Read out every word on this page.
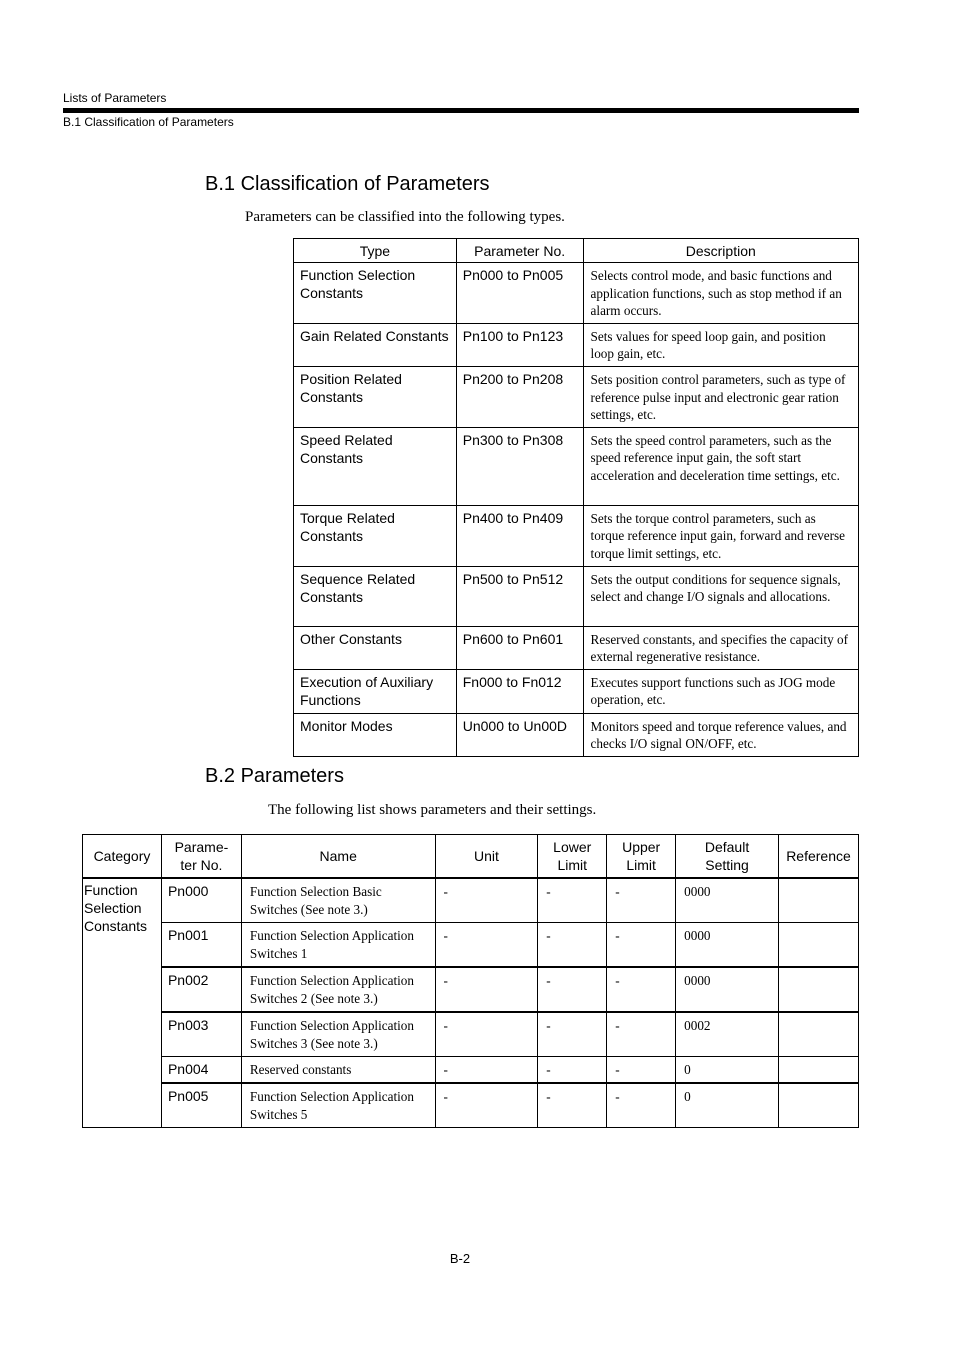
Lists of Parameters
B.1 Classification of Parameters
B.1 Classification of Parameters
Parameters can be classified into the following types.
Type	Parameter No.	Description
Function Selection Constants	Pn000 to Pn005	Selects control mode, and basic functions and application functions, such as stop method if an alarm occurs.
Gain Related Constants	Pn100 to Pn123	Sets values for speed loop gain, and position loop gain, etc.
Position Related Constants	Pn200 to Pn208	Sets position control parameters, such as type of reference pulse input and electronic gear ration settings, etc.
Speed Related Constants	Pn300 to Pn308	Sets the speed control parameters, such as the speed reference input gain, the soft start acceleration and deceleration time settings, etc.
Torque Related Constants	Pn400 to Pn409	Sets the torque control parameters, such as torque reference input gain, forward and reverse torque limit settings, etc.
Sequence Related Constants	Pn500 to Pn512	Sets the output conditions for sequence signals, select and change I/O signals and allocations.
Other Constants	Pn600 to Pn601	Reserved constants, and specifies the capacity of external regenerative resistance.
Execution of Auxiliary Functions	Fn000 to Fn012	Executes support functions such as JOG mode operation, etc.
Monitor Modes	Un000 to Un00D	Monitors speed and torque reference values, and checks I/O signal ON/OFF, etc.
B.2 Parameters
The following list shows parameters and their settings.
Category	Parame-ter No.	Name	Unit	Lower Limit	Upper Limit	Default Setting	Reference
Function Selection Constants	Pn000	Function Selection Basic Switches (See note 3.)	-	-	-	0000	
	Pn001	Function Selection Application Switches 1	-	-	-	0000	
	Pn002	Function Selection Application Switches 2 (See note 3.)	-	-	-	0000	
	Pn003	Function Selection Application Switches 3 (See note 3.)	-	-	-	0002	
	Pn004	Reserved constants	-	-	-	0	
	Pn005	Function Selection Application Switches 5	-	-	-	0	
B-2
